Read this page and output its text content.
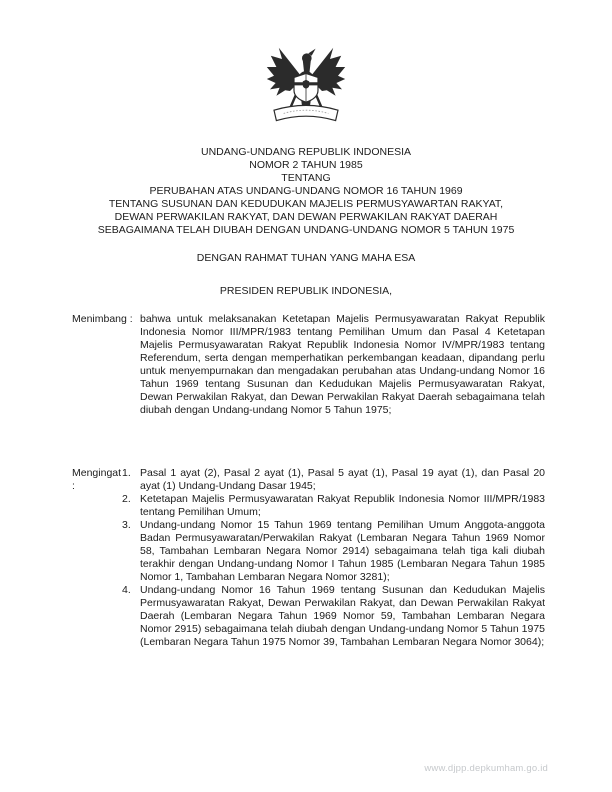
UNDANG-UNDANG REPUBLIK INDONESIA
NOMOR 2 TAHUN 1985
TENTANG
PERUBAHAN ATAS UNDANG-UNDANG NOMOR 16 TAHUN 1969
TENTANG SUSUNAN DAN KEDUDUKAN MAJELIS PERMUSYAWARTAN RAKYAT,
DEWAN PERWAKILAN RAKYAT, DAN DEWAN PERWAKILAN RAKYAT DAERAH
SEBAGAIMANA TELAH DIUBAH DENGAN UNDANG-UNDANG NOMOR 5 TAHUN 1975
DENGAN RAHMAT TUHAN YANG MAHA ESA
PRESIDEN REPUBLIK INDONESIA,
Menimbang : bahwa untuk melaksanakan Ketetapan Majelis Permusyawaratan Rakyat Republik Indonesia Nomor III/MPR/1983 tentang Pemilihan Umum dan Pasal 4 Ketetapan Majelis Permusyawaratan Rakyat Republik Indonesia Nomor IV/MPR/1983 tentang Referendum, serta dengan memperhatikan perkembangan keadaan, dipandang perlu untuk menyempurnakan dan mengadakan perubahan atas Undang-undang Nomor 16 Tahun 1969 tentang Susunan dan Kedudukan Majelis Permusyawaratan Rakyat, Dewan Perwakilan Rakyat, dan Dewan Perwakilan Rakyat Daerah sebagaimana telah diubah dengan Undang-undang Nomor 5 Tahun 1975;
Mengingat :
1. Pasal 1 ayat (2), Pasal 2 ayat (1), Pasal 5 ayat (1), Pasal 19 ayat (1), dan Pasal 20 ayat (1) Undang-Undang Dasar 1945;
2. Ketetapan Majelis Permusyawaratan Rakyat Republik Indonesia Nomor III/MPR/1983 tentang Pemilihan Umum;
3. Undang-undang Nomor 15 Tahun 1969 tentang Pemilihan Umum Anggota-anggota Badan Permusyawaratan/Perwakilan Rakyat (Lembaran Negara Tahun 1969 Nomor 58, Tambahan Lembaran Negara Nomor 2914) sebagaimana telah tiga kali diubah terakhir dengan Undang-undang Nomor I Tahun 1985 (Lembaran Negara Tahun 1985 Nomor 1, Tambahan Lembaran Negara Nomor 3281);
4. Undang-undang Nomor 16 Tahun 1969 tentang Susunan dan Kedudukan Majelis Permusyawaratan Rakyat, Dewan Perwakilan Rakyat, dan Dewan Perwakilan Rakyat Daerah (Lembaran Negara Tahun 1969 Nomor 59, Tambahan Lembaran Negara Nomor 2915) sebagaimana telah diubah dengan Undang-undang Nomor 5 Tahun 1975 (Lembaran Negara Tahun 1975 Nomor 39, Tambahan Lembaran Negara Nomor 3064);
www.djpp.depkumham.go.id
